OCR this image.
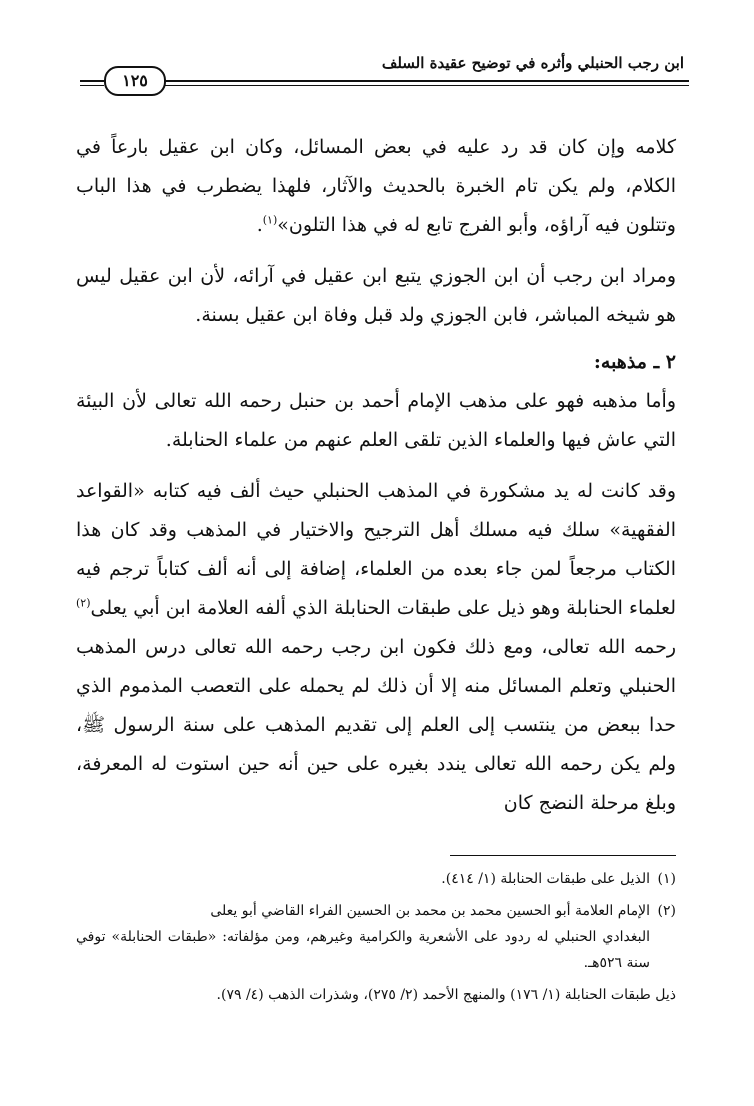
ابن رجب الحنبلي وأثره في توضيح عقيدة السلف
١٢٥

كلامه وإن كان قد رد عليه في بعض المسائل، وكان ابن عقيل بارعاً في الكلام، ولم يكن تام الخبرة بالحديث والآثار، فلهذا يضطرب في هذا الباب وتتلون فيه آراؤه، وأبو الفرج تابع له في هذا التلون»$^{(١)}$.

ومراد ابن رجب أن ابن الجوزي يتبع ابن عقيل في آرائه، لأن ابن عقيل ليس هو شيخه المباشر، فابن الجوزي ولد قبل وفاة ابن عقيل بسنة.

٢ ـ مذهبه:

وأما مذهبه فهو على مذهب الإمام أحمد بن حنبل رحمه الله تعالى لأن البيئة التي عاش فيها والعلماء الذين تلقى العلم عنهم من علماء الحنابلة.

وقد كانت له يد مشكورة في المذهب الحنبلي حيث ألف فيه كتابه «القواعد الفقهية» سلك فيه مسلك أهل الترجيح والاختيار في المذهب وقد كان هذا الكتاب مرجعاً لمن جاء بعده من العلماء، إضافة إلى أنه ألف كتاباً ترجم فيه لعلماء الحنابلة وهو ذيل على طبقات الحنابلة الذي ألفه العلامة ابن أبي يعلى$^{(٢)}$ رحمه الله تعالى، ومع ذلك فكون ابن رجب رحمه الله تعالى درس المذهب الحنبلي وتعلم المسائل منه إلا أن ذلك لم يحمله على التعصب المذموم الذي حدا ببعض من ينتسب إلى العلم إلى تقديم المذهب على سنة الرسول ﷺ، ولم يكن رحمه الله تعالى يندد بغيره على حين أنه حين استوت له المعرفة، وبلغ مرحلة النضج كان

(١)الذيل على طبقات الحنابلة (١/ ٤١٤).

(٢)الإمام العلامة أبو الحسين محمد بن محمد بن الحسين الفراء القاضي أبو يعلى
البغدادي الحنبلي له ردود على الأشعرية والكرامية وغيرهم، ومن مؤلفاته: «طبقات الحنابلة» توفي سنة ٥٢٦هـ.

ذيل طبقات الحنابلة (١/ ١٧٦) والمنهج الأحمد (٢/ ٢٧٥)، وشذرات الذهب (٤/ ٧٩).
